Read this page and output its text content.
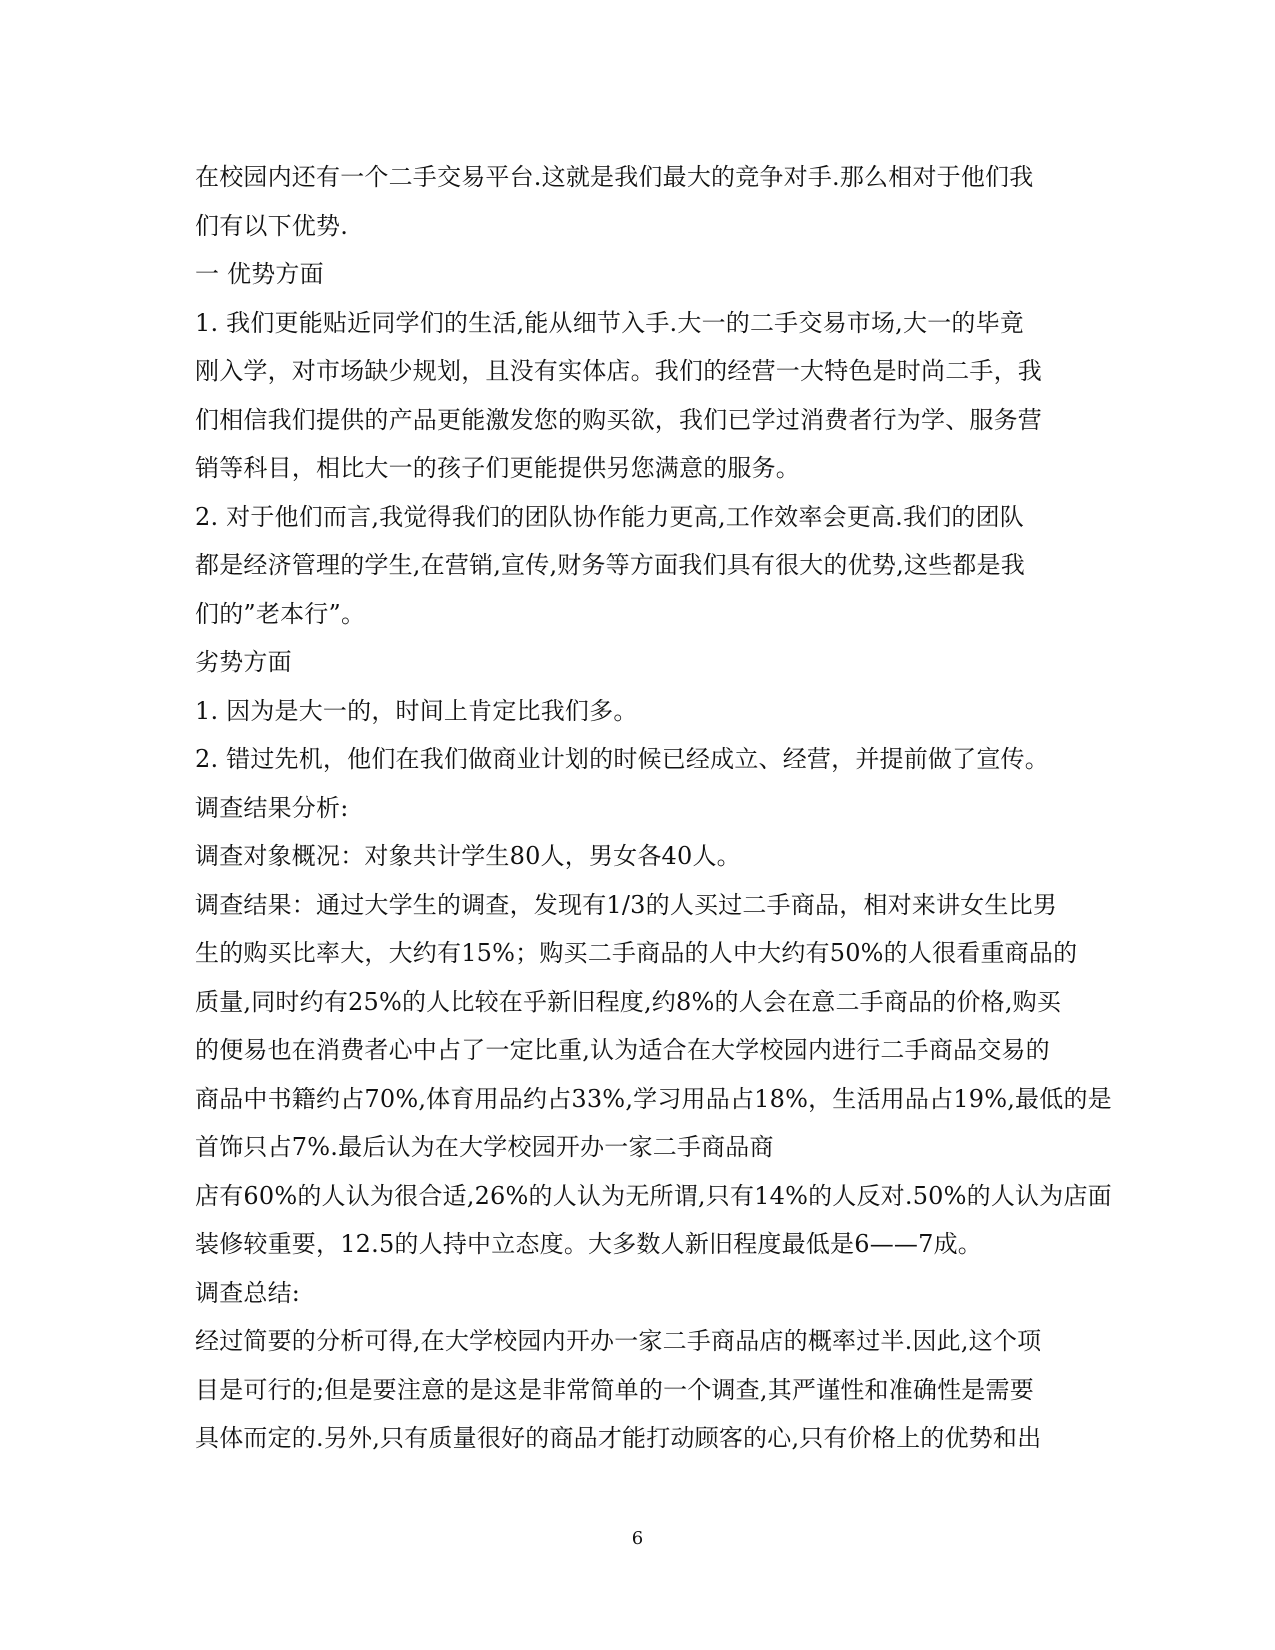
在校园内还有一个二手交易平台.这就是我们最大的竞争对手.那么相对于他们我
们有以下优势.
一 优势方面
1. 我们更能贴近同学们的生活,能从细节入手.大一的二手交易市场,大一的毕竟
刚入学，对市场缺少规划，且没有实体店。我们的经营一大特色是时尚二手，我
们相信我们提供的产品更能激发您的购买欲，我们已学过消费者行为学、服务营
销等科目，相比大一的孩子们更能提供另您满意的服务。
2. 对于他们而言,我觉得我们的团队协作能力更高,工作效率会更高.我们的团队
都是经济管理的学生,在营销,宣传,财务等方面我们具有很大的优势,这些都是我
们的”老本行”。
劣势方面
1. 因为是大一的，时间上肯定比我们多。
2. 错过先机，他们在我们做商业计划的时候已经成立、经营，并提前做了宣传。
调查结果分析:
调查对象概况：对象共计学生80人，男女各40人。
调查结果：通过大学生的调查，发现有1/3的人买过二手商品，相对来讲女生比男
生的购买比率大，大约有15%；购买二手商品的人中大约有50%的人很看重商品的
质量,同时约有25%的人比较在乎新旧程度,约8%的人会在意二手商品的价格,购买
的便易也在消费者心中占了一定比重,认为适合在大学校园内进行二手商品交易的
商品中书籍约占70%,体育用品约占33%,学习用品占18%，生活用品占19%,最低的是
首饰只占7%.最后认为在大学校园开办一家二手商品商
店有60%的人认为很合适,26%的人认为无所谓,只有14%的人反对.50%的人认为店面
装修较重要，12.5的人持中立态度。大多数人新旧程度最低是6——7成。
调查总结:
经过简要的分析可得,在大学校园内开办一家二手商品店的概率过半.因此,这个项
目是可行的;但是要注意的是这是非常简单的一个调查,其严谨性和准确性是需要
具体而定的.另外,只有质量很好的商品才能打动顾客的心,只有价格上的优势和出
6
